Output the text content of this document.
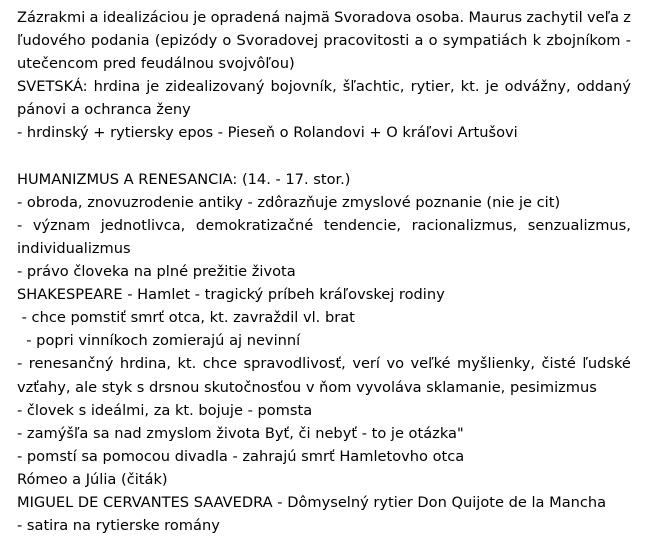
Zázrakmi a idealizáciou je opradená najmä Svoradova osoba. Maurus zachytil veľa z
ľudového podania (epizódy o Svoradovej pracovitosti a o sympatiách k zbojníkom -
utečencom pred feudálnou svojvôľou)
SVETSKÁ: hrdina je zidealizovaný bojovník, šľachtic, rytier, kt. je odvážny, oddaný
pánovi a ochranca ženy
- hrdinský + rytiersky epos - Pieseň o Rolandovi + O kráľovi Artušovi
HUMANIZMUS A RENESANCIA: (14. - 17. stor.)
- obroda, znovuzrodenie antiky - zdôrazňuje zmyslové poznanie (nie je cit)
- význam jednotlivca, demokratizačné tendencie, racionalizmus, senzualizmus,
individualizmus
- právo človeka na plné prežitie života
SHAKESPEARE - Hamlet - tragický príbeh kráľovskej rodiny
- chce pomstiť smrť otca, kt. zavraždil vl. brat
- popri vinníkoch zomierajú aj nevinní
- renesančný hrdina, kt. chce spravodlivosť, verí vo veľké myšlienky, čisté ľudské
vzťahy, ale styk s drsnou skutočnosťou v ňom vyvoláva sklamanie, pesimizmus
- človek s ideálmi, za kt. bojuje - pomsta
- zamýšľa sa nad zmyslom života Byť, či nebyť - to je otázka"
- pomstí sa pomocou divadla - zahrajú smrť Hamletovho otca
Rómeo a Júlia (čiták)
MIGUEL DE CERVANTES SAAVEDRA - Dômyselný rytier Don Quijote de la Mancha
- satira na rytierske romány
